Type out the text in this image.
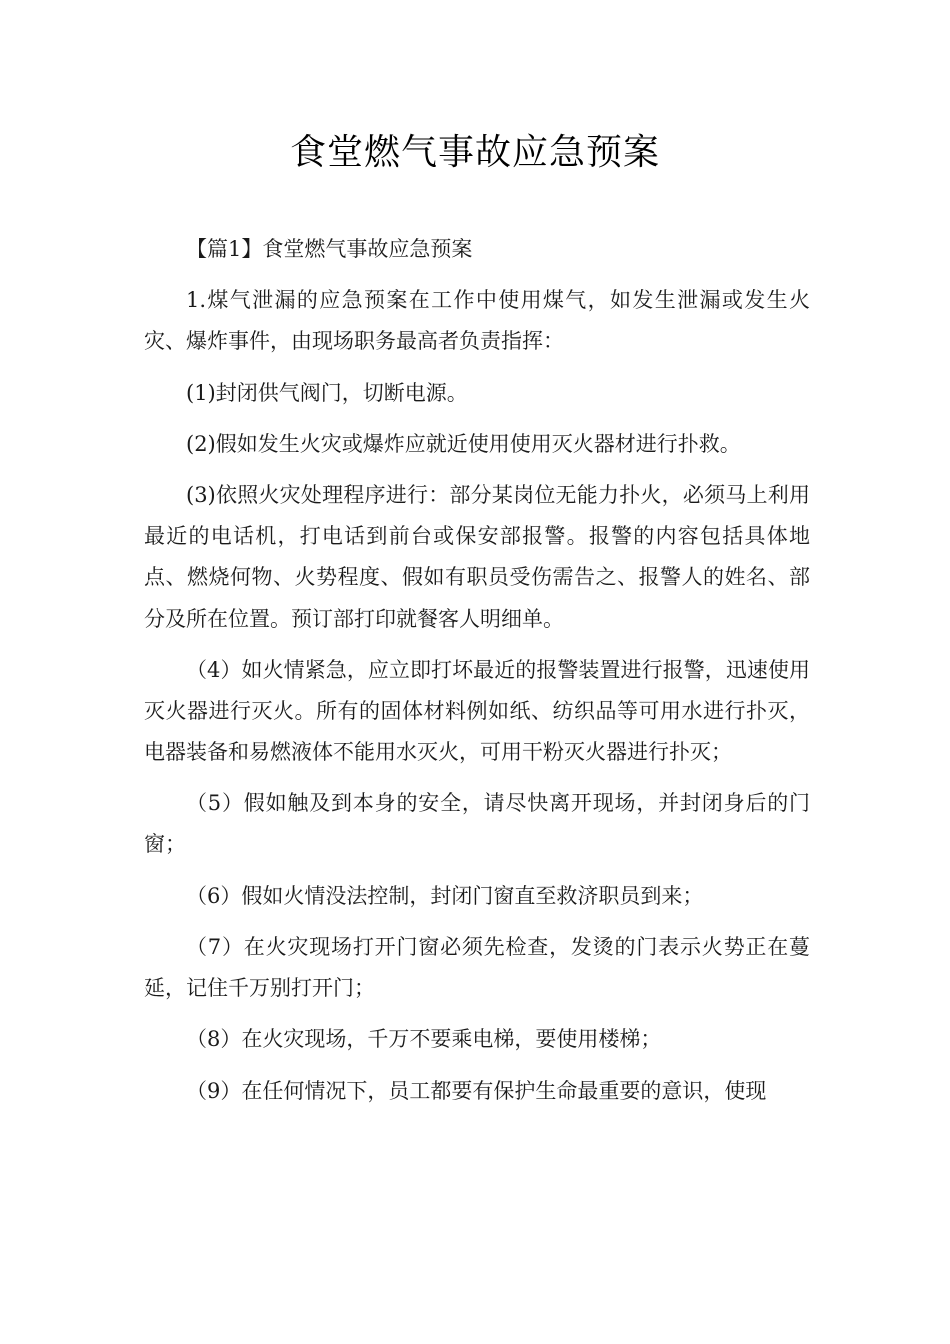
食堂燃气事故应急预案

【篇1】食堂燃气事故应急预案

1.煤气泄漏的应急预案在工作中使用煤气，如发生泄漏或发生火灾、爆炸事件，由现场职务最高者负责指挥：

(1)封闭供气阀门，切断电源。

(2)假如发生火灾或爆炸应就近使用使用灭火器材进行扑救。

(3)依照火灾处理程序进行：部分某岗位无能力扑火，必须马上利用最近的电话机，打电话到前台或保安部报警。报警的内容包括具体地点、燃烧何物、火势程度、假如有职员受伤需告之、报警人的姓名、部分及所在位置。预订部打印就餐客人明细单。

（4）如火情紧急，应立即打坏最近的报警装置进行报警，迅速使用灭火器进行灭火。所有的固体材料例如纸、纺织品等可用水进行扑灭，电器装备和易燃液体不能用水灭火，可用干粉灭火器进行扑灭；

（5）假如触及到本身的安全，请尽快离开现场，并封闭身后的门窗；

（6）假如火情没法控制，封闭门窗直至救济职员到来；

（7）在火灾现场打开门窗必须先检查，发烫的门表示火势正在蔓延，记住千万别打开门；

（8）在火灾现场，千万不要乘电梯，要使用楼梯；

（9）在任何情况下，员工都要有保护生命最重要的意识，使现
